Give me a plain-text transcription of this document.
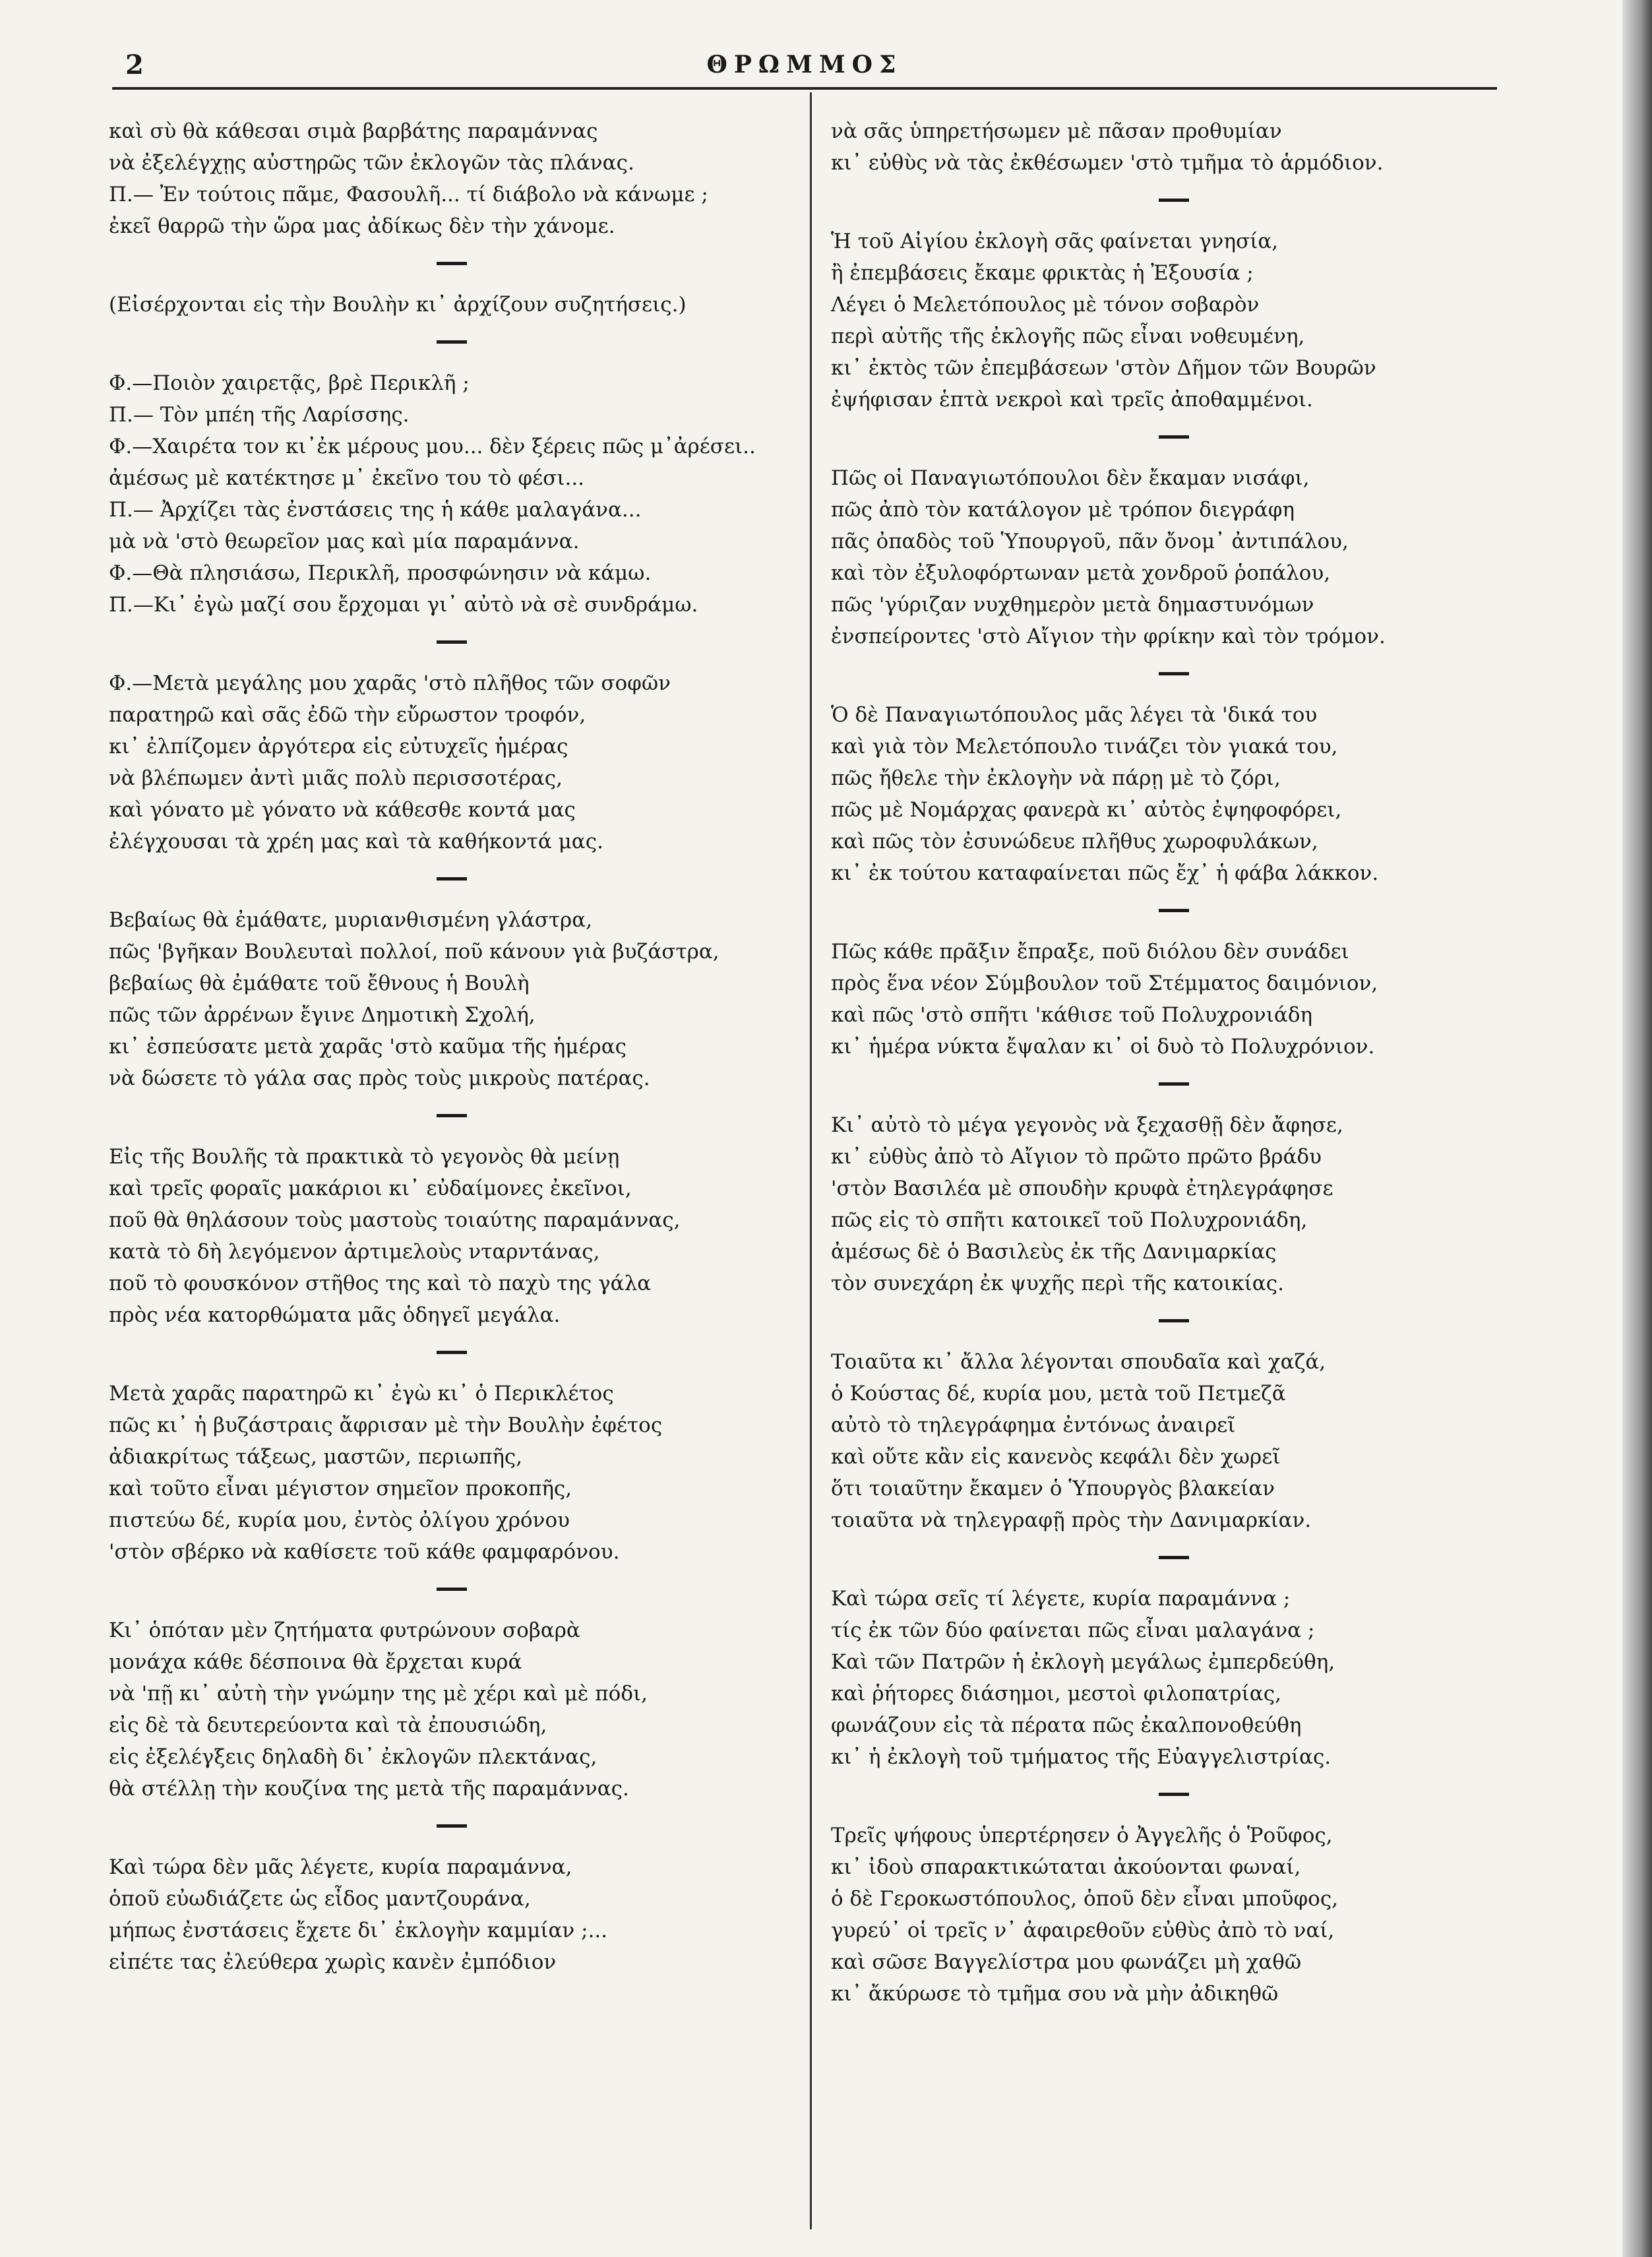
2	ΘΡΩΜΜΟΣ
καὶ σὺ θὰ κάθεσαι σιμὰ βαρβάτης παραμάννας
νὰ ἐξελέγχῃς αὐστηρῶς τῶν ἐκλογῶν τὰς πλάνας.
Π.— Ἐν τούτοις πᾶμε, Φασουλῆ... τί διάβολο νὰ κάνωμε ;
ἐκεῖ θαρρῶ τὴν ὥρα μας ἀδίκως δὲν τὴν χάνομε.
(Εἰσέρχονται εἰς τὴν Βουλὴν κι᾽ ἀρχίζουν συζητήσεις.)
Φ.—Ποιὸν χαιρετᾷς, βρὲ Περικλῆ ;
Π.— Τὸν μπέη τῆς Λαρίσσης.
Φ.—Χαιρέτα τον κι᾽ἐκ μέρους μου... δὲν ξέρεις πῶς μ᾽ἀρέσει..
ἀμέσως μὲ κατέκτησε μ᾽ ἐκεῖνο του τὸ φέσι...
Π.— Ἀρχίζει τὰς ἐνστάσεις της ἡ κάθε μαλαγάνα...
μὰ νὰ 'στὸ θεωρεῖον μας καὶ μία παραμάννα.
Φ.—Θὰ πλησιάσω, Περικλῆ, προσφώνησιν νὰ κάμω.
Π.—Κι᾽ ἐγὼ μαζί σου ἔρχομαι γι᾽ αὐτὸ νὰ σὲ συνδράμω.
Φ.—Μετὰ μεγάλης μου χαρᾶς 'στὸ πλῆθος τῶν σοφῶν
παρατηρῶ καὶ σᾶς ἐδῶ τὴν εὔρωστον τροφόν,
κι᾽ ἐλπίζομεν ἀργότερα εἰς εὐτυχεῖς ἡμέρας
νὰ βλέπωμεν ἀντὶ μιᾶς πολὺ περισσοτέρας,
καὶ γόνατο μὲ γόνατο νὰ κάθεσθε κοντά μας
ἐλέγχουσαι τὰ χρέη μας καὶ τὰ καθήκοντά μας.
Βεβαίως θὰ ἐμάθατε, μυριανθισμένη γλάστρα,
πῶς 'βγῆκαν Βουλευταὶ πολλοί, ποῦ κάνουν γιὰ βυζάστρα,
βεβαίως θὰ ἐμάθατε τοῦ ἔθνους ἡ Βουλὴ
πῶς τῶν ἀρρένων ἔγινε Δημοτικὴ Σχολή,
κι᾽ ἐσπεύσατε μετὰ χαρᾶς 'στὸ καῦμα τῆς ἡμέρας
νὰ δώσετε τὸ γάλα σας πρὸς τοὺς μικροὺς πατέρας.
Εἰς τῆς Βουλῆς τὰ πρακτικὰ τὸ γεγονὸς θὰ μείνῃ
καὶ τρεῖς φοραῖς μακάριοι κι᾽ εὐδαίμονες ἐκεῖνοι,
ποῦ θὰ θηλάσουν τοὺς μαστοὺς τοιαύτης παραμάννας,
κατὰ τὸ δὴ λεγόμενον ἀρτιμελοὺς νταρντάνας,
ποῦ τὸ φουσκόνον στῆθος της καὶ τὸ παχὺ της γάλα
πρὸς νέα κατορθώματα μᾶς ὁδηγεῖ μεγάλα.
Μετὰ χαρᾶς παρατηρῶ κι᾽ ἐγὼ κι᾽ ὁ Περικλέτος
πῶς κι᾽ ἡ βυζάστραις ἄφρισαν μὲ τὴν Βουλὴν ἐφέτος
ἀδιακρίτως τάξεως, μαστῶν, περιωπῆς,
καὶ τοῦτο εἶναι μέγιστον σημεῖον προκοπῆς,
πιστεύω δέ, κυρία μου, ἐντὸς ὀλίγου χρόνου
'στὸν σβέρκο νὰ καθίσετε τοῦ κάθε φαμφαρόνου.
Κι᾽ ὁπόταν μὲν ζητήματα φυτρώνουν σοβαρὰ
μονάχα κάθε δέσποινα θὰ ἔρχεται κυρά
νὰ 'πῇ κι᾽ αὐτὴ τὴν γνώμην της μὲ χέρι καὶ μὲ πόδι,
εἰς δὲ τὰ δευτερεύοντα καὶ τὰ ἐπουσιώδη,
εἰς ἐξελέγξεις δηλαδὴ δι᾽ ἐκλογῶν πλεκτάνας,
θὰ στέλλῃ τὴν κουζίνα της μετὰ τῆς παραμάννας.
Καὶ τώρα δὲν μᾶς λέγετε, κυρία παραμάννα,
ὁποῦ εὐωδιάζετε ὡς εἶδος μαντζουράνα,
μήπως ἐνστάσεις ἔχετε δι᾽ ἐκλογὴν καμμίαν ;...
εἰπέτε τας ἐλεύθερα χωρὶς κανὲν ἐμπόδιον
νὰ σᾶς ὑπηρετήσωμεν μὲ πᾶσαν προθυμίαν
κι᾽ εὐθὺς νὰ τὰς ἐκθέσωμεν 'στὸ τμῆμα τὸ ἁρμόδιον.
Ἡ τοῦ Αἰγίου ἐκλογὴ σᾶς φαίνεται γνησία,
ἢ ἐπεμβάσεις ἔκαμε φρικτὰς ἡ Ἐξουσία ;
Λέγει ὁ Μελετόπουλος μὲ τόνον σοβαρὸν
περὶ αὐτῆς τῆς ἐκλογῆς πῶς εἶναι νοθευμένη,
κι᾽ ἐκτὸς τῶν ἐπεμβάσεων 'στὸν Δῆμον τῶν Βουρῶν
ἐψήφισαν ἑπτὰ νεκροὶ καὶ τρεῖς ἀποθαμμένοι.
Πῶς οἱ Παναγιωτόπουλοι δὲν ἔκαμαν νισάφι,
πῶς ἀπὸ τὸν κατάλογον μὲ τρόπον διεγράφη
πᾶς ὀπαδὸς τοῦ Ὑπουργοῦ, πᾶν ὄνομ᾽ ἀντιπάλου,
καὶ τὸν ἐξυλοφόρτωναν μετὰ χονδροῦ ῥοπάλου,
πῶς 'γύριζαν νυχθημερὸν μετὰ δημαστυνόμων
ἐνσπείροντες 'στὸ Αἴγιον τὴν φρίκην καὶ τὸν τρόμον.
Ὁ δὲ Παναγιωτόπουλος μᾶς λέγει τὰ 'δικά του
καὶ γιὰ τὸν Μελετόπουλο τινάζει τὸν γιακά του,
πῶς ἤθελε τὴν ἐκλογὴν νὰ πάρῃ μὲ τὸ ζόρι,
πῶς μὲ Νομάρχας φανερὰ κι᾽ αὐτὸς ἐψηφοφόρει,
καὶ πῶς τὸν ἐσυνώδευε πλῆθυς χωροφυλάκων,
κι᾽ ἐκ τούτου καταφαίνεται πῶς ἔχ᾽ ἡ φάβα λάκκον.
Πῶς κάθε πρᾶξιν ἔπραξε, ποῦ διόλου δὲν συνάδει
πρὸς ἕνα νέον Σύμβουλον τοῦ Στέμματος δαιμόνιον,
καὶ πῶς 'στὸ σπῆτι 'κάθισε τοῦ Πολυχρονιάδη
κι᾽ ἡμέρα νύκτα ἔψαλαν κι᾽ οἱ δυὸ τὸ Πολυχρόνιον.
Κι᾽ αὐτὸ τὸ μέγα γεγονὸς νὰ ξεχασθῇ δὲν ἄφησε,
κι᾽ εὐθὺς ἀπὸ τὸ Αἴγιον τὸ πρῶτο πρῶτο βράδυ
'στὸν Βασιλέα μὲ σπουδὴν κρυφὰ ἐτηλεγράφησε
πῶς εἰς τὸ σπῆτι κατοικεῖ τοῦ Πολυχρονιάδη,
ἀμέσως δὲ ὁ Βασιλεὺς ἐκ τῆς Δανιμαρκίας
τὸν συνεχάρη ἐκ ψυχῆς περὶ τῆς κατοικίας.
Τοιαῦτα κι᾽ ἄλλα λέγονται σπουδαῖα καὶ χαζά,
ὁ Κούστας δέ, κυρία μου, μετὰ τοῦ Πετμεζᾶ
αὐτὸ τὸ τηλεγράφημα ἐντόνως ἀναιρεῖ
καὶ οὔτε κἂν εἰς κανενὸς κεφάλι δὲν χωρεῖ
ὅτι τοιαῦτην ἔκαμεν ὁ Ὑπουργὸς βλακείαν
τοιαῦτα νὰ τηλεγραφῇ πρὸς τὴν Δανιμαρκίαν.
Καὶ τώρα σεῖς τί λέγετε, κυρία παραμάννα ;
τίς ἐκ τῶν δύο φαίνεται πῶς εἶναι μαλαγάνα ;
Καὶ τῶν Πατρῶν ἡ ἐκλογὴ μεγάλως ἐμπερδεύθη,
καὶ ῥήτορες διάσημοι, μεστοὶ φιλοπατρίας,
φωνάζουν εἰς τὰ πέρατα πῶς ἐκαλπονοθεύθη
κι᾽ ἡ ἐκλογὴ τοῦ τμήματος τῆς Εὐαγγελιστρίας.
Τρεῖς ψήφους ὑπερτέρησεν ὁ Ἀγγελῆς ὁ Ῥοῦφος,
κι᾽ ἰδοὺ σπαρακτικώταται ἀκούονται φωναί,
ὁ δὲ Γεροκωστόπουλος, ὁποῦ δὲν εἶναι μποῦφος,
γυρεύ᾽ οἱ τρεῖς ν᾽ ἀφαιρεθοῦν εὐθὺς ἀπὸ τὸ ναί,
καὶ σῶσε Βαγγελίστρα μου φωνάζει μὴ χαθῶ
κι᾽ ἄκύρωσε τὸ τμῆμα σου νὰ μὴν ἀδικηθῶ
